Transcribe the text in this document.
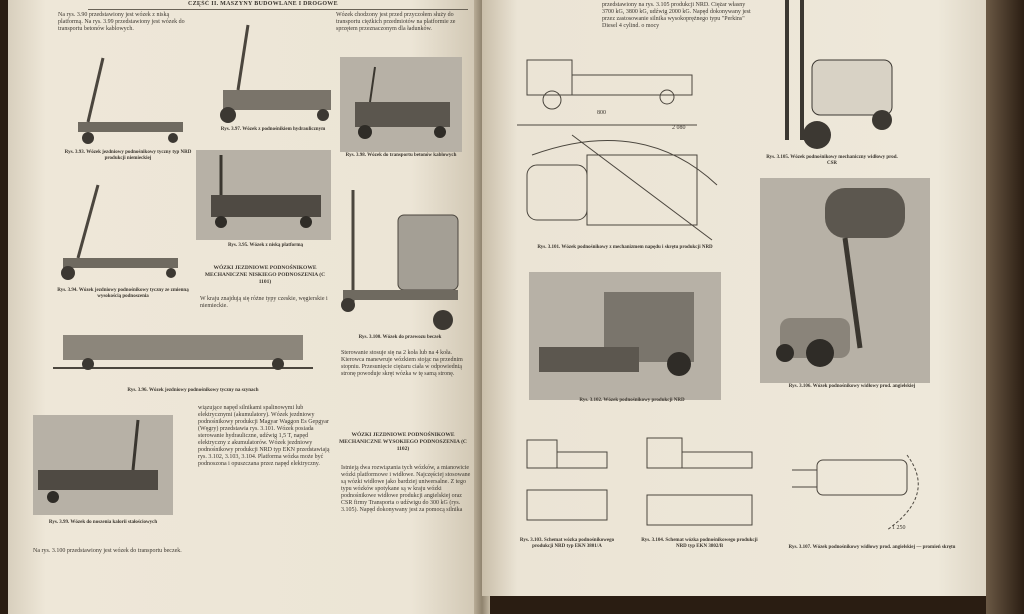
CZĘŚĆ II. MASZYNY BUDOWLANE I DROGOWE
Na rys. 3.90 przedstawiony jest wózek z niską platformą. Na rys. 3.99 przedstawiony jest wózek do transportu betonów kablowych.
Wózek chodzony jest przed przyczołem służy do transportu ciężkich przedmiotów na platformie ze sprzętem przeznaczonym dla ładunków.
Rys. 3.93. Wózek jezdniowy podnośnikowy tyczny typ NRD produkcji niemieckiej
Rys. 3.97. Wózek z podnośnikiem hydraulicznym
Rys. 3.98. Wózek do transportu betonów kablowych
Rys. 3.95. Wózek z niską platformą
Rys. 3.94. Wózek jezdniowy podnośnikowy tyczny ze zmienną wysokością podnoszenia
WÓZKI JEZDNIOWE PODNOŚNIKOWE MECHANICZNE NISKIEGO PODNOSZENIA (C 1101)
W kraju znajdują się różne typy czeskie, węgierskie i niemieckie.
Rys. 3.100. Wózek do przewozu beczek
Sterowanie stosuje się na 2 koła lub na 4 koła. Kierowca manewruje wózkiem stojąc na przednim stopniu. Przesunięcie ciężaru ciała w odpowiednią stronę powoduje skręt wózka w tę samą stronę.
Rys. 3.96. Wózek jezdniowy podnośnikowy tyczny na szynach
Rys. 3.99. Wózek do noszenia kalorii stałościowych
wiązujące napęd silnikami spalinowymi lub elektrycznymi (akumulatory). Wózek jezdniowy podnośnikowy produkcji Magyar Waggon Es Gepgyar (Węgry) przedstawia rys. 3.101. Wózek posiada sterowanie hydrauliczne, udźwig 1,5 T, napęd elektryczny z akumulatorów. Wózek jezdniowy podnośnikowy produkcji NRD typ EKN przedstawiają rys. 3.102, 3.103, 3.104. Platforma wózka może być podnoszona i opuszczana przez napęd elektryczny.
WÓZKI JEZDNIOWE PODNOŚNIKOWE MECHANICZNE WYSOKIEGO PODNOSZENIA (C 1102)
Istnieją dwa rozwiązania tych wózków, a mianowicie wózki platformowe i widłowe. Najczęściej stosowane są wózki widłowe jako bardziej uniwersalne. Z tego typu wózków spotykane są w kraju wózki podnośnikowe widłowe produkcji angielskiej oraz CSR firmy Transporta o udźwigu do 300 kG (rys. 3.105). Napęd dokonywany jest za pomocą silnika
Na rys. 3.100 przedstawiony jest wózek do transportu beczek.
przedstawiony na rys. 3.105 produkcji NRD. Ciężar własny 3700 kG, 3800 kG, udźwig 2000 kG. Napęd dokonywany jest przez zastosowanie silnika wysokoprężnego typu "Perkins" Diesel 4 cylind. o mocy
800
2 080
Rys. 3.101. Wózek podnośnikowy z mechanizmem napędu i skrętu produkcji NRD
Rys. 3.105. Wózek podnośnikowy mechaniczny widłowy prod. CSR
Rys. 3.102. Wózek podnośnikowy produkcji NRD
Rys. 3.106. Wózek podnośnikowy widłowy prod. angielskiej
Rys. 3.103. Schemat wózka podnośnikowego produkcji NRD typ EKN 3801/A
Rys. 3.104. Schemat wózka podnośnikowego produkcji NRD typ EKN 3802/B
1 250
Rys. 3.107. Wózek podnośnikowy widłowy prod. angielskiej — promień skrętu
